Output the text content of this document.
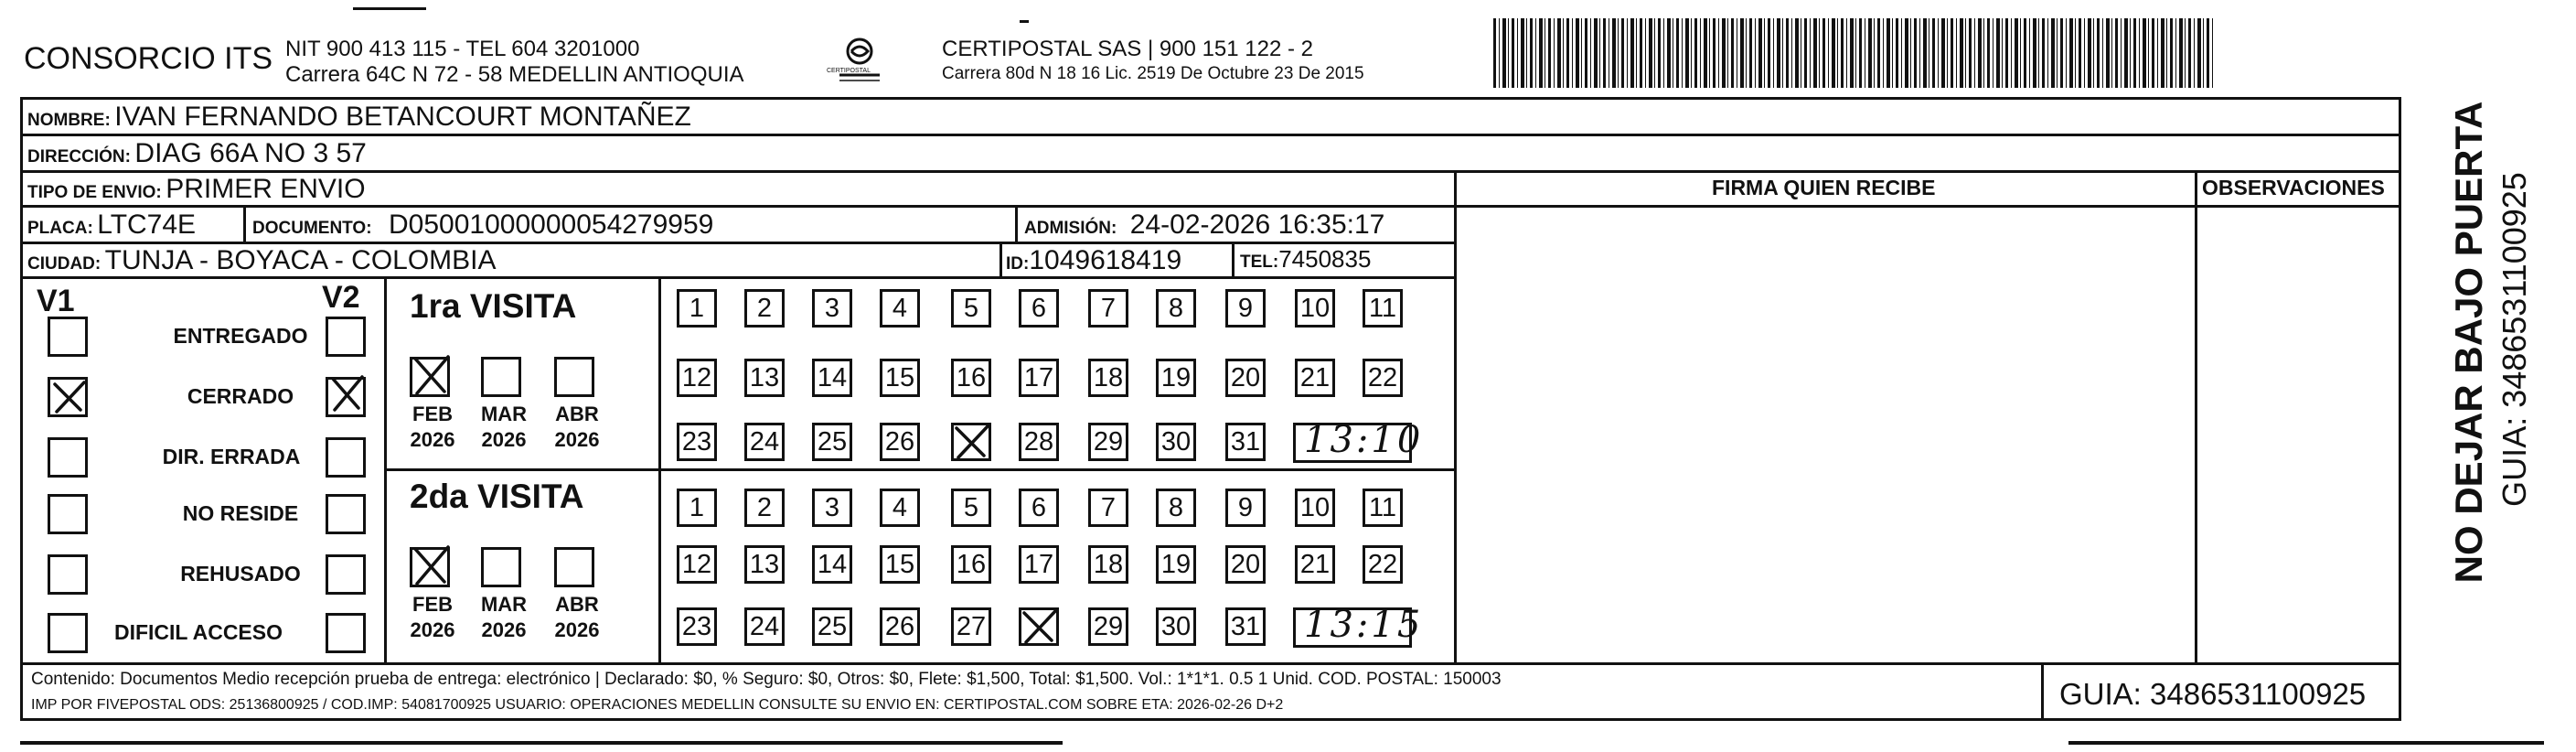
CONSORCIO ITS NIT 900 413 115 - TEL 604 3201000
Carrera 64C N 72 - 58 MEDELLIN ANTIOQUIA	CERTIPOSTAL
CERTIPOSTAL SAS | 900 151 122 - 2
Carrera 80d N 18 16 Lic. 2519 De Octubre 23 De 2015
NOMBRE: IVAN FERNANDO BETANCOURT MONTAÑEZ
DIRECCIÓN: DIAG 66A NO 3 57
TIPO DE ENVIO: PRIMER ENVIO
PLACA: LTC74E	DOCUMENTO: D05001000000054279959	ADMISIÓN: 24-02-2026 16:35:17
CIUDAD: TUNJA - BOYACA - COLOMBIA	ID:1049618419	TEL:7450835
FIRMA QUIEN RECIBE	OBSERVACIONES
V1	V2
ENTREGADO
CERRADO
DIR. ERRADA
NO RESIDE
REHUSADO
DIFICIL ACCESO
1ra VISITA
2da VISITA
FEB
2026
MAR
2026
ABR
2026
FEB
2026
MAR
2026
ABR
2026
1	2	3	4	5	6	7	8	9	10 11
12 13 14 15 16 17 18 19 20 21 22
23 24 25 26	28 29 30 31 13:10
1	2	3	4	5	6	7	8	9	10 11
12 13 14 15 16 17 18 19 20 21 22
23 24 25 26 27	29 30 31 13:15
Contenido: Documentos Medio recepción prueba de entrega: electrónico | Declarado: $0, % Seguro: $0, Otros: $0, Flete: $1,500, Total: $1,500. Vol.: 1*1*1. 0.5 1 Unid. COD. POSTAL: 150003
IMP POR FIVEPOSTAL ODS: 25136800925 / COD.IMP: 54081700925 USUARIO: OPERACIONES MEDELLIN CONSULTE SU ENVIO EN: CERTIPOSTAL.COM SOBRE ETA: 2026-02-26 D+2	GUIA: 3486531100925
NO DEJAR BAJO PUERTA GUIA: 3486531100925
